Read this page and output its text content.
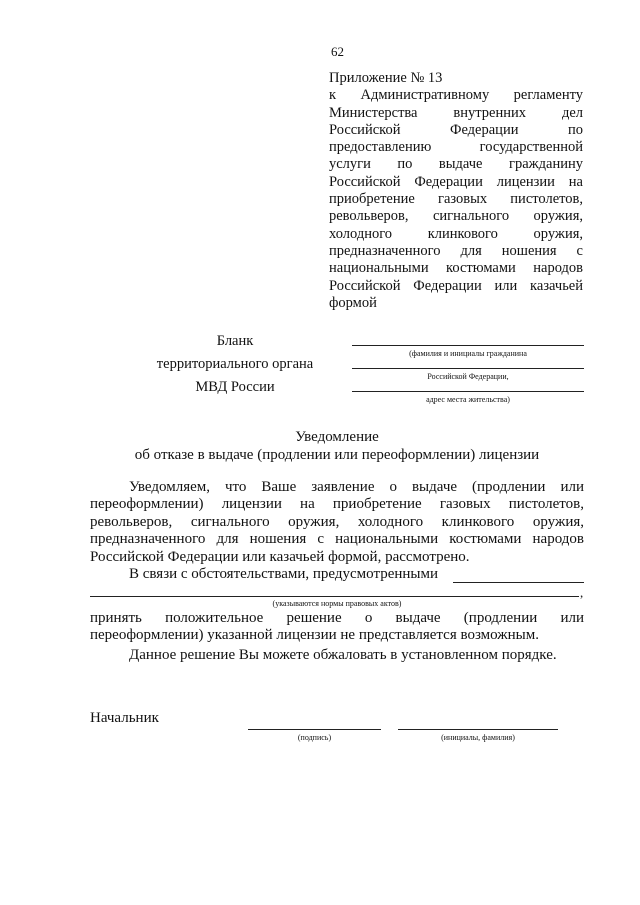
62
Приложение № 13
к Административному регламенту
Министерства внутренних дел
Российской Федерации по
предоставлению государственной
услуги по выдаче гражданину
Российской Федерации лицензии на
приобретение газовых пистолетов,
револьверов, сигнального оружия,
холодного клинкового оружия,
предназначенного для ношения с
национальными костюмами народов
Российской Федерации или казачьей
формой
Бланк
территориального органа
МВД России
(фамилия и инициалы гражданина
Российской Федерации,
адрес места жительства)
Уведомление
об отказе в выдаче (продлении или переоформлении) лицензии
Уведомляем, что Ваше заявление о выдаче (продлении или
переоформлении) лицензии на приобретение газовых пистолетов,
револьверов, сигнального оружия, холодного клинкового оружия,
предназначенного для ношения с национальными костюмами народов
Российской Федерации или казачьей формой, рассмотрено.
В связи с обстоятельствами, предусмотренными
,
(указываются нормы правовых актов)
принять положительное решение о выдаче (продлении или
переоформлении) указанной лицензии не представляется возможным.
Данное решение Вы можете обжаловать в установленном порядке.
Начальник
(подпись)	(инициалы, фамилия)
